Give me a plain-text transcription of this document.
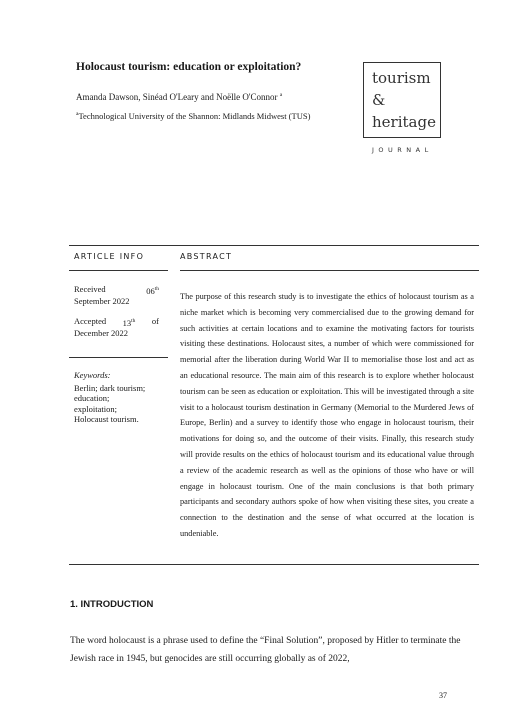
Holocaust tourism: education or exploitation?
Amanda Dawson, Sinéad O'Leary and Noëlle O'Connor $^a$
$^a$Technological University of the Shannon: Midlands Midwest (TUS)
tourism
&
heritage
JOURNAL
ARTICLE INFO	ABSTRACT
Received	06th
September 2022
Accepted 13th of
December 2022
Keywords:
Berlin; dark tourism;
education;
exploitation;
Holocaust tourism.
The purpose of this research study is to investigate the ethics of holocaust tourism as a niche market which is becoming very commercialised due to the growing demand for such activities at certain locations and to examine the motivating factors for tourists visiting these destinations. Holocaust sites, a number of which were commissioned for memorial after the liberation during World War II to memorialise those lost and act as an educational resource. The main aim of this research is to explore whether holocaust tourism can be seen as education or exploitation. This will be investigated through a site visit to a holocaust tourism destination in Germany (Memorial to the Murdered Jews of Europe, Berlin) and a survey to identify those who engage in holocaust tourism, their motivations for doing so, and the outcome of their visits. Finally, this research study will provide results on the ethics of holocaust tourism and its educational value through a review of the academic research as well as the opinions of those who have or will engage in holocaust tourism. One of the main conclusions is that both primary participants and secondary authors spoke of how when visiting these sites, you create a connection to the destination and the sense of what occurred at the location is undeniable.
1. INTRODUCTION
The word holocaust is a phrase used to define the “Final Solution”, proposed by Hitler to terminate the Jewish race in 1945, but genocides are still occurring globally as of 2022,
37
